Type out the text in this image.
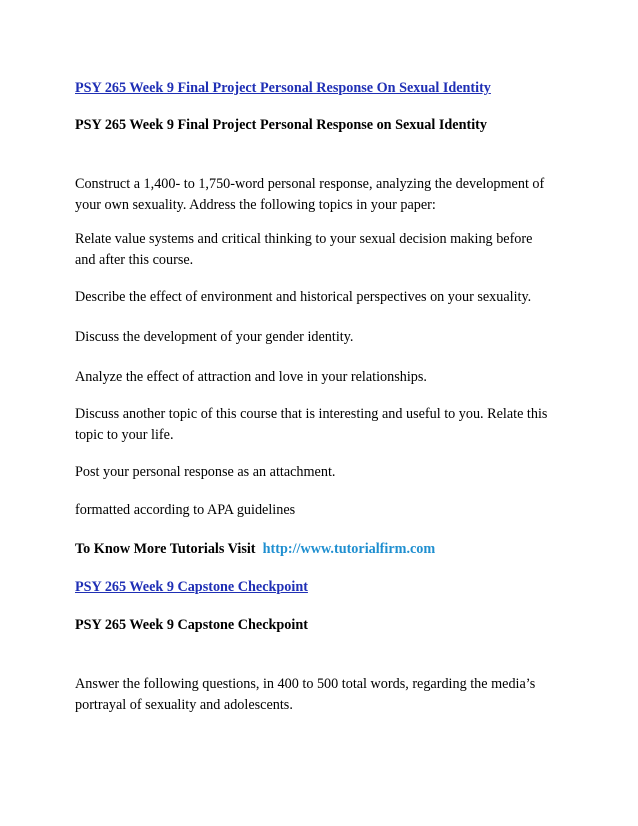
PSY 265 Week 9 Final Project Personal Response On Sexual Identity

PSY 265 Week 9 Final Project Personal Response on Sexual Identity

Construct a 1,400- to 1,750-word personal response, analyzing the development of

your own sexuality. Address the following topics in your paper:

Relate value systems and critical thinking to your sexual decision making before

and after this course.

Describe the effect of environment and historical perspectives on your sexuality.

Discuss the development of your gender identity.

Analyze the effect of attraction and love in your relationships.

Discuss another topic of this course that is interesting and useful to you. Relate this

topic to your life.

Post your personal response as an attachment.

formatted according to APA guidelines

To Know More Tutorials Visit http://www.tutorialfirm.com

PSY 265 Week 9 Capstone Checkpoint

PSY 265 Week 9 Capstone Checkpoint

Answer the following questions, in 400 to 500 total words, regarding the media’s

portrayal of sexuality and adolescents.
